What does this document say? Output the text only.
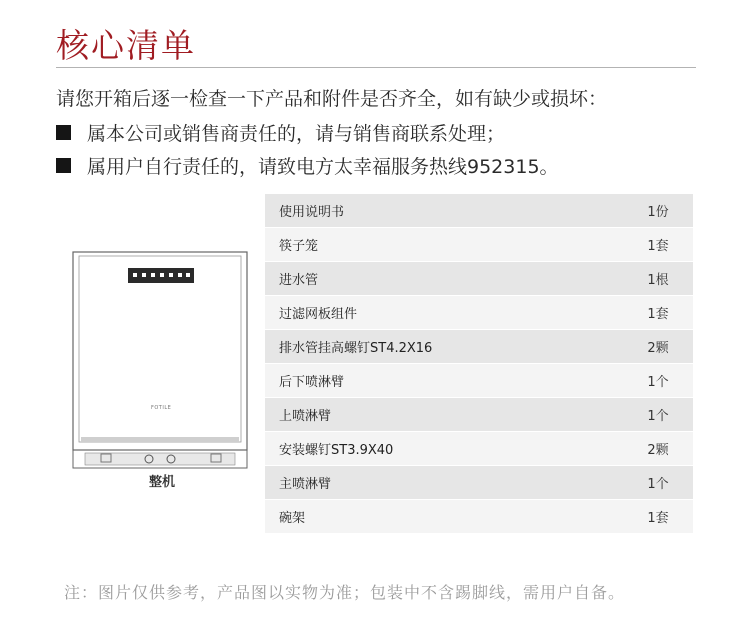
核心清单
请您开箱后逐一检查一下产品和附件是否齐全，如有缺少或损坏：
属本公司或销售商责任的，请与销售商联系处理；
属用户自行责任的，请致电方太幸福服务热线952315。
FOTILE
整机
使用说明书	1份
筷子笼	1套
进水管	1根
过滤网板组件	1套
排水管挂高螺钉ST4.2X16	2颗
后下喷淋臂	1个
上喷淋臂	1个
安装螺钉ST3.9X40	2颗
主喷淋臂	1个
碗架	1套
注：图片仅供参考，产品图以实物为准；包装中不含踢脚线，需用户自备。
